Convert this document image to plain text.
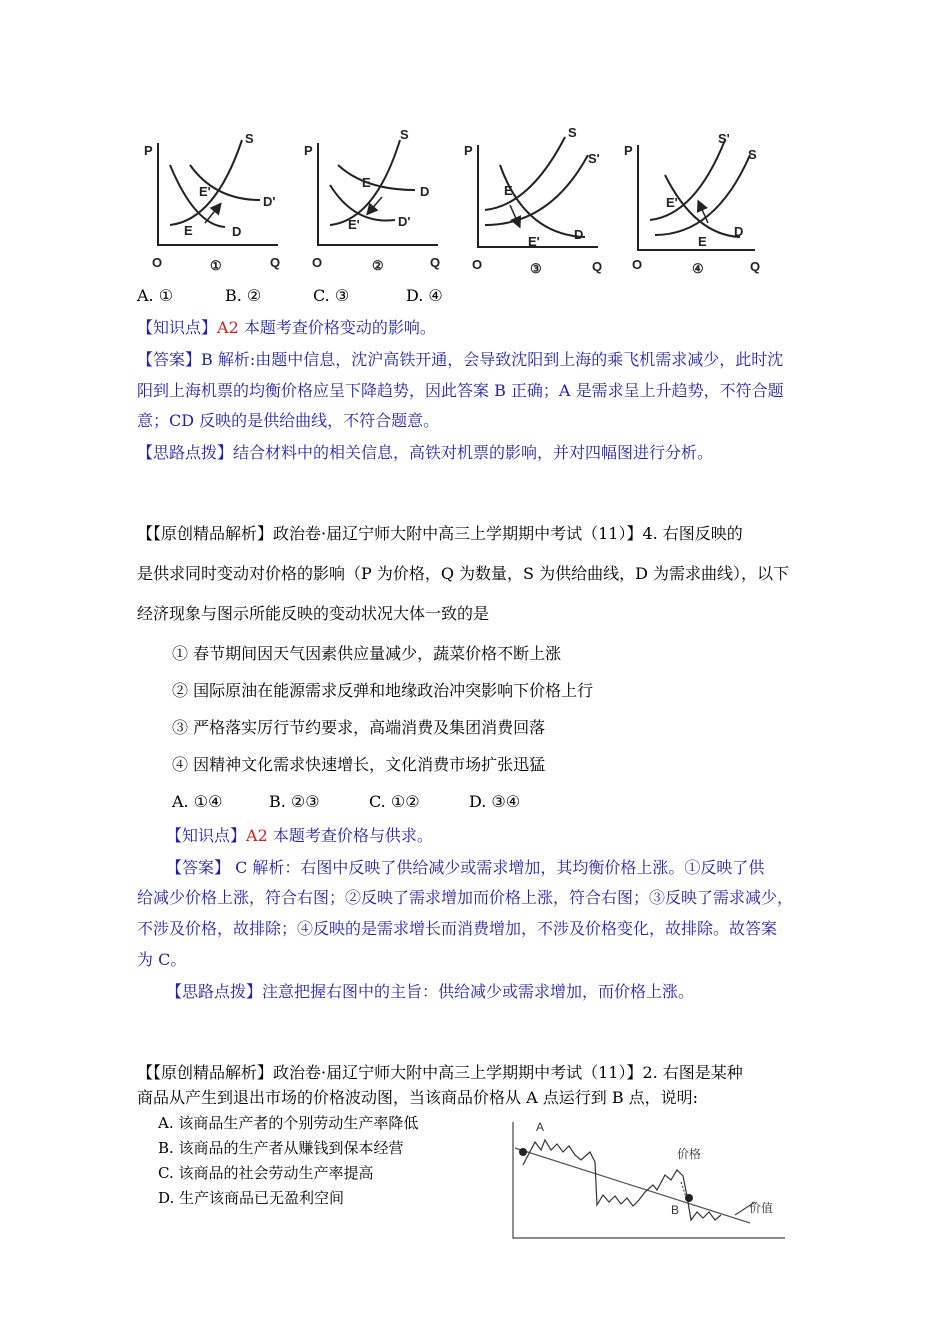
P
O	Q
S
D
D'
E
E'
①
P
O	Q
S
D
D'
E
E'
②
P
O	Q
S
S'
D
E
E'
③
P
O	Q
S'
S
D
E
E'
④
A. ①	B. ②	C. ③	D. ④
【知识点】A2 本题考查价格变动的影响。
【答案】B 解析:由题中信息，沈沪高铁开通，会导致沈阳到上海的乘飞机需求减少，此时沈
阳到上海机票的均衡价格应呈下降趋势，因此答案 B 正确；A 是需求呈上升趋势，不符合题
意；CD 反映的是供给曲线，不符合题意。
【思路点拨】结合材料中的相关信息，高铁对机票的影响，并对四幅图进行分析。
【【原创精品解析】政治卷·届辽宁师大附中高三上学期期中考试（11）】4. 右图反映的
是供求同时变动对价格的影响（P 为价格，Q 为数量，S 为供给曲线，D 为需求曲线），以下
经济现象与图示所能反映的变动状况大体一致的是
① 春节期间因天气因素供应量减少，蔬菜价格不断上涨
② 国际原油在能源需求反弹和地缘政治冲突影响下价格上行
③ 严格落实厉行节约要求，高端消费及集团消费回落
④ 因精神文化需求快速增长，文化消费市场扩张迅猛
A. ①④	B. ②③	C. ①②	D. ③④
【知识点】A2 本题考查价格与供求。
【答案】 C 解析：右图中反映了供给减少或需求增加，其均衡价格上涨。①反映了供
给减少价格上涨，符合右图；②反映了需求增加而价格上涨，符合右图；③反映了需求减少，
不涉及价格，故排除；④反映的是需求增长而消费增加，不涉及价格变化，故排除。故答案
为 C。
【思路点拨】注意把握右图中的主旨：供给减少或需求增加，而价格上涨。
【【原创精品解析】政治卷·届辽宁师大附中高三上学期期中考试（11）】2. 右图是某种
商品从产生到退出市场的价格波动图，当该商品价格从 A 点运行到 B 点，说明:
A. 该商品生产者的个别劳动生产率降低
B. 该商品的生产者从赚钱到保本经营
C. 该商品的社会劳动生产率提高
D. 生产该商品已无盈利空间
A
B
价格
价值
